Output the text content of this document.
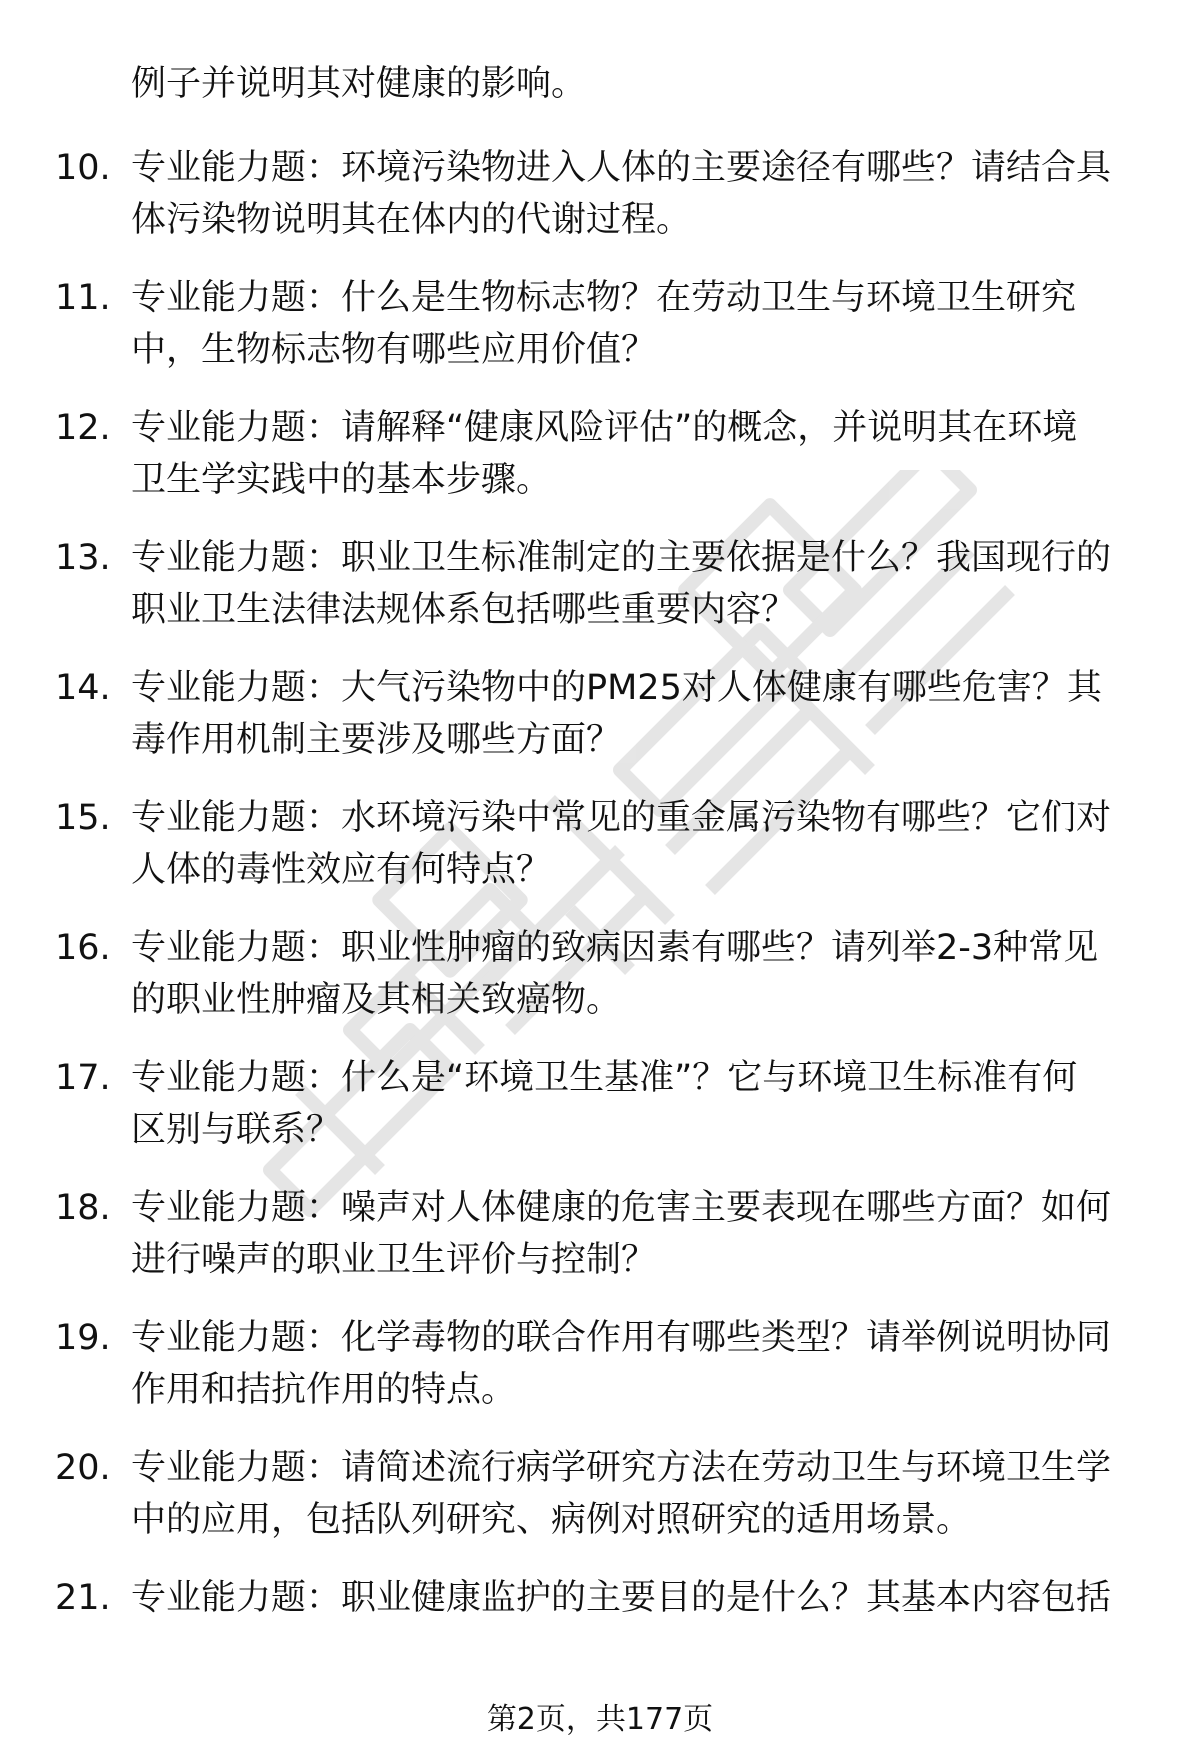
例子并说明其对健康的影响。
10. 专业能力题：环境污染物进入人体的主要途径有哪些？请结合具
体污染物说明其在体内的代谢过程。
11. 专业能力题：什么是生物标志物？在劳动卫生与环境卫生研究
中，生物标志物有哪些应用价值？
12. 专业能力题：请解释“健康风险评估”的概念，并说明其在环境
卫生学实践中的基本步骤。
13. 专业能力题：职业卫生标准制定的主要依据是什么？我国现行的
职业卫生法律法规体系包括哪些重要内容？
14. 专业能力题：大气污染物中的PM25对人体健康有哪些危害？其
毒作用机制主要涉及哪些方面？
15. 专业能力题：水环境污染中常见的重金属污染物有哪些？它们对
人体的毒性效应有何特点？
16. 专业能力题：职业性肿瘤的致病因素有哪些？请列举2-3种常见
的职业性肿瘤及其相关致癌物。
17. 专业能力题：什么是“环境卫生基准”？它与环境卫生标准有何
区别与联系？
18. 专业能力题：噪声对人体健康的危害主要表现在哪些方面？如何
进行噪声的职业卫生评价与控制？
19. 专业能力题：化学毒物的联合作用有哪些类型？请举例说明协同
作用和拮抗作用的特点。
20. 专业能力题：请简述流行病学研究方法在劳动卫生与环境卫生学
中的应用，包括队列研究、病例对照研究的适用场景。
21. 专业能力题：职业健康监护的主要目的是什么？其基本内容包括
第2页，共177页
